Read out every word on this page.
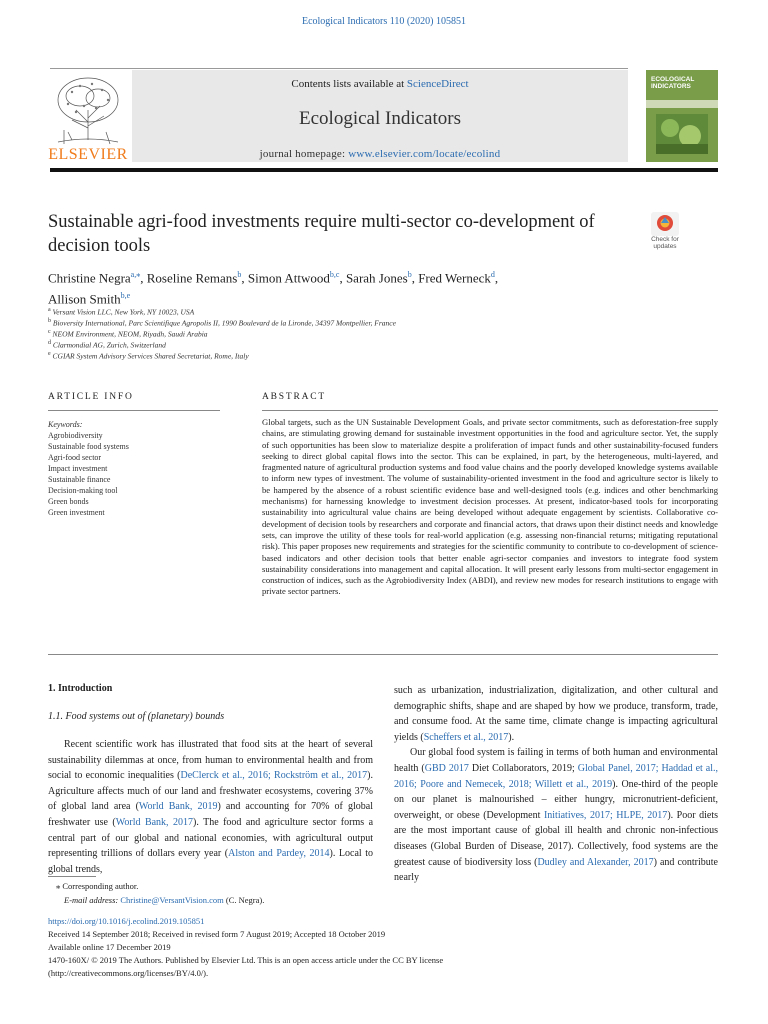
Ecological Indicators 110 (2020) 105851
Contents lists available at ScienceDirect
Ecological Indicators
journal homepage: www.elsevier.com/locate/ecolind
ELSEVIER
ECOLOGICAL INDICATORS
Sustainable agri-food investments require multi-sector co-development of decision tools	Check for updates
Christine Negra$^{a,⁎}$, Roseline Remans$^b$, Simon Attwood$^{b,c}$, Sarah Jones$^b$, Fred Werneck$^d$,
Allison Smith$^{b,e}$
$^a$ Versant Vision LLC, New York, NY 10023, USA
$^b$ Bioversity International, Parc Scientifique Agropolis II, 1990 Boulevard de la Lironde, 34397 Montpellier, France
$^c$ NEOM Environment, NEOM, Riyadh, Saudi Arabia
$^d$ Clarmondial AG, Zurich, Switzerland
$^e$ CGIAR System Advisory Services Shared Secretariat, Rome, Italy
ARTICLE INFO	ABSTRACT
Keywords:
Agrobiodiversity
Sustainable food systems
Agri-food sector
Impact investment
Sustainable finance
Decision-making tool
Green bonds
Green investment
Global targets, such as the UN Sustainable Development Goals, and private sector commitments, such as deforestation-free supply chains, are stimulating growing demand for sustainable investment opportunities in the food and agriculture sector. Yet, the supply of such opportunities has been slow to materialize despite a proliferation of impact funds and other sustainability-focused funders seeking to direct global capital flows into the sector. This can be explained, in part, by the heterogeneous, multi-layered, and fragmented nature of agricultural production systems and food value chains and the poorly developed knowledge systems available to inform new types of investment. The volume of sustainability-oriented investment in the food and agriculture sector is likely to be hampered by the absence of a robust scientific evidence base and well-designed tools (e.g. indices and other benchmarking mechanisms) for harnessing knowledge to investment decision processes. At present, indicator-based tools for incorporating sustainability into agricultural value chains are being developed without adequate engagement by scientists. Collaborative co-development of decision tools by researchers and corporate and financial actors, that draws upon their distinct needs and knowledge sets, can improve the utility of these tools for real-world application (e.g. assessing non-financial returns; mitigating reputational risk). This paper proposes new requirements and strategies for the scientific community to contribute to co-development of science-based indicators and other decision tools that better enable agri-sector companies and investors to integrate food system sustainability considerations into management and capital allocation. It will present early lessons from multi-sector engagement in construction of indices, such as the Agrobiodiversity Index (ABDI), and review new modes for research institutions to engage with private sector partners.
1. Introduction
1.1. Food systems out of (planetary) bounds

Recent scientific work has illustrated that food sits at the heart of several sustainability dilemmas at once, from human to environmental health and from social to economic inequalities (DeClerck et al., 2016; Rockström et al., 2017). Agriculture affects much of our land and freshwater ecosystems, covering 37% of global land area (World Bank, 2019) and accounting for 70% of global freshwater use (World Bank, 2017). The food and agriculture sector forms a central part of our global and national economies, with agricultural output representing trillions of dollars every year (Alston and Pardey, 2014). Local to global trends,

such as urbanization, industrialization, digitalization, and other cultural and demographic shifts, shape and are shaped by how we produce, transform, trade, and consume food. At the same time, climate change is impacting agricultural yields (Scheffers et al., 2017).

Our global food system is failing in terms of both human and environmental health (GBD 2017 Diet Collaborators, 2019; Global Panel, 2017; Haddad et al., 2016; Poore and Nemecek, 2018; Willett et al., 2019). One-third of the people on our planet is malnourished – either hungry, micronutrient-deficient, overweight, or obese (Development Initiatives, 2017; HLPE, 2017). Poor diets are the most important cause of global ill health and chronic non-infectious diseases (Global Burden of Disease, 2017). Collectively, food systems are the greatest cause of biodiversity loss (Dudley and Alexander, 2017) and contribute nearly

⁎ Corresponding author.
E-mail address: Christine@VersantVision.com (C. Negra).
https://doi.org/10.1016/j.ecolind.2019.105851
Received 14 September 2018; Received in revised form 7 August 2019; Accepted 18 October 2019
Available online 17 December 2019
1470-160X/ © 2019 The Authors. Published by Elsevier Ltd. This is an open access article under the CC BY license
(http://creativecommons.org/licenses/BY/4.0/).
